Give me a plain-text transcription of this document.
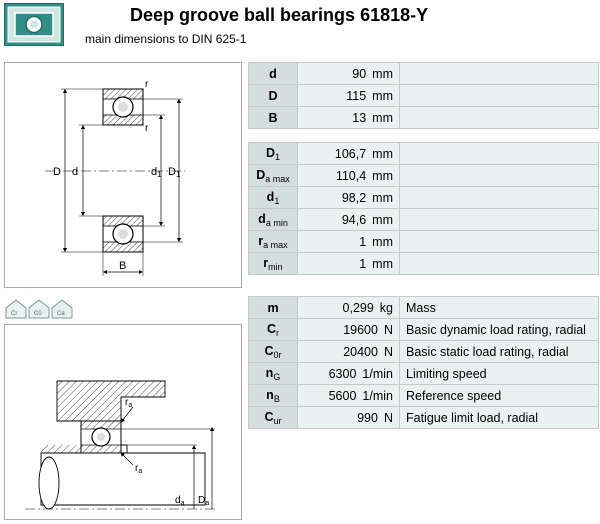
Deep groove ball bearings 61818-Y
main dimensions to DIN 625-1
r
r
D d	d1 D1
B
Cr	C0	Ca
$r_a$
$r_a$
$d_a$ $D_a$
d	90 mm	
D	115 mm	
B	13 mm	
$D_1$	106,7 mm	
$D_{a max}$	110,4 mm	
$d_1$	98,2 mm	
$d_{a min}$	94,6 mm	
$r_{a max}$	1 mm	
$r_{min}$	1 mm	
m	0,299 kg	Mass
$C_r$	19600 N	Basic dynamic load rating, radial
$C_{0r}$	20400 N	Basic static load rating, radial
$n_G$	6300 1/min	Limiting speed
$n_B$	5600 1/min	Reference speed
$C_{ur}$	990 N	Fatigue limit load, radial
